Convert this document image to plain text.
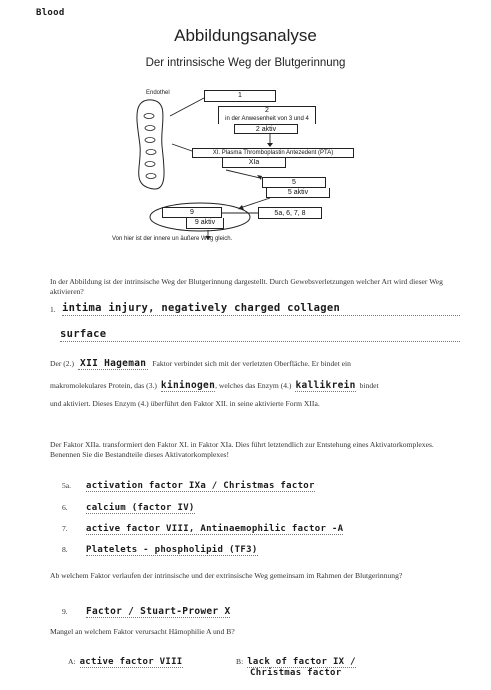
Blood
Abbildungsanalyse
Der intrinsische Weg der Blutgerinnung
Endothel	1
2
in der Anwesenheit von 3 und 4
2 aktiv
XI. Plasma Thromboplastin Antezedent (PTA)
XIa
5
5 aktiv
9
9 aktiv
5a, 6, 7, 8
Von hier ist der innere un äußere Weg gleich.
In der Abbildung ist der intrinsische Weg der Blutgerinnung dargestellt. Durch Gewebsverletzungen welcher Art wird dieser Weg aktivieren?
1. intima injury, negatively charged collagen
surface
Der (2.) XII Hageman Faktor verbindet sich mit der verletzten Oberfläche. Er bindet ein
makromolekulares Protein, das (3.) kininogen, welches das Enzym (4.) kallikrein bindet
und aktiviert. Dieses Enzym (4.) überführt den Faktor XII. in seine aktivierte Form XIIa.
Der Faktor XIIa. transformiert den Faktor XI. in Faktor XIa. Dies führt letztendlich zur Entstehung eines Aktivatorkomplexes. Benennen Sie die Bestandteile dieses Aktivatorkomplexes!
5a. activation factor IXa / Christmas factor
6. calcium (factor IV)
7. active factor VIII, Antinaemophilic factor -A
8. Platelets - phospholipid (TF3)
Ab welchem Faktor verlaufen der intrinsische und der extrinsische Weg gemeinsam im Rahmen der Blutgerinnung?
9. Factor / Stuart-Prower X
Mangel an welchem Faktor verursacht Hämophilie A und B?
A: active factor VIII	B: lack of factor IX /
Christmas factor
